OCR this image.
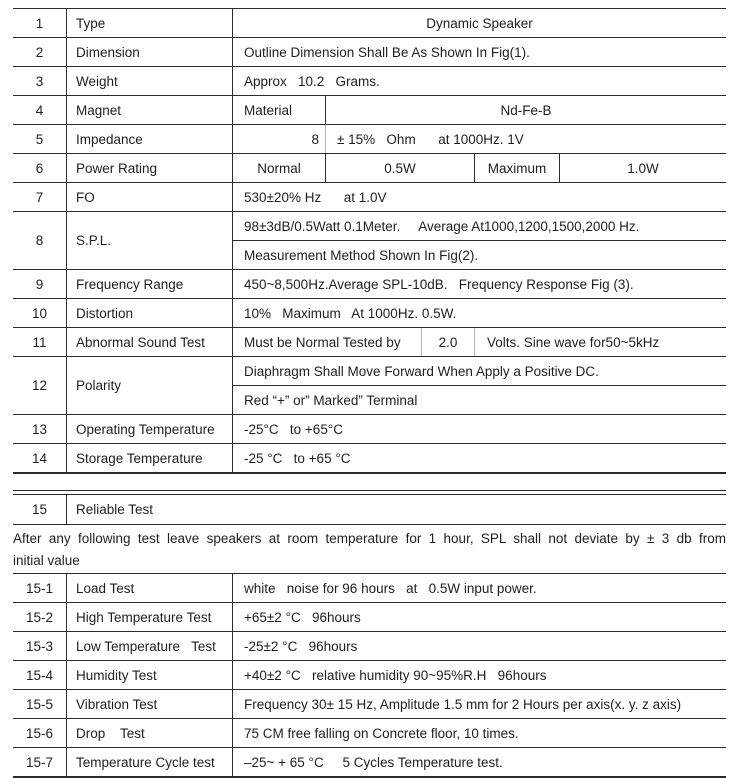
1	Type	Dynamic Speaker
2	Dimension	Outline Dimension Shall Be As Shown In Fig(1).
3	Weight	Approx   10.2   Grams.
4	Magnet	Material	Nd-Fe-B
5	Impedance	8	± 15%   Ohm      at 1000Hz. 1V
6	Power Rating	Normal	0.5W	Maximum	1.0W
7	FO	530±20% Hz      at 1.0V
8	S.P.L.
98±3dB/0.5Watt 0.1Meter.     Average At1000,1200,1500,2000 Hz.
Measurement Method Shown In Fig(2).
9	Frequency Range	450~8,500Hz.Average SPL-10dB.   Frequency Response Fig (3).
10	Distortion	10%   Maximum   At 1000Hz. 0.5W.
11	Abnormal Sound Test	Must be Normal Tested by	2.0	Volts. Sine wave for50~5kHz
12	Polarity
Diaphragm Shall Move Forward When Apply a Positive DC.
Red “+” or” Marked” Terminal
13	Operating Temperature	-25°C   to +65°C
14	Storage Temperature	-25 °C   to +65 °C
15	Reliable Test
After any following test leave speakers at room temperature for 1 hour, SPL shall not deviate by ± 3 db from
initial value
15-1	Load Test	white   noise for 96 hours   at   0.5W input power.
15-2	High Temperature Test	+65±2 °C   96hours
15-3	Low Temperature   Test	-25±2 °C   96hours
15-4	Humidity Test	+40±2 °C   relative humidity 90~95%R.H   96hours
15-5	Vibration Test	Frequency 30± 15 Hz, Amplitude 1.5 mm for 2 Hours per axis(x. y. z axis)
15-6	Drop    Test	75 CM free falling on Concrete floor, 10 times.
15-7	Temperature Cycle test	–25~ + 65 °C     5 Cycles Temperature test.
